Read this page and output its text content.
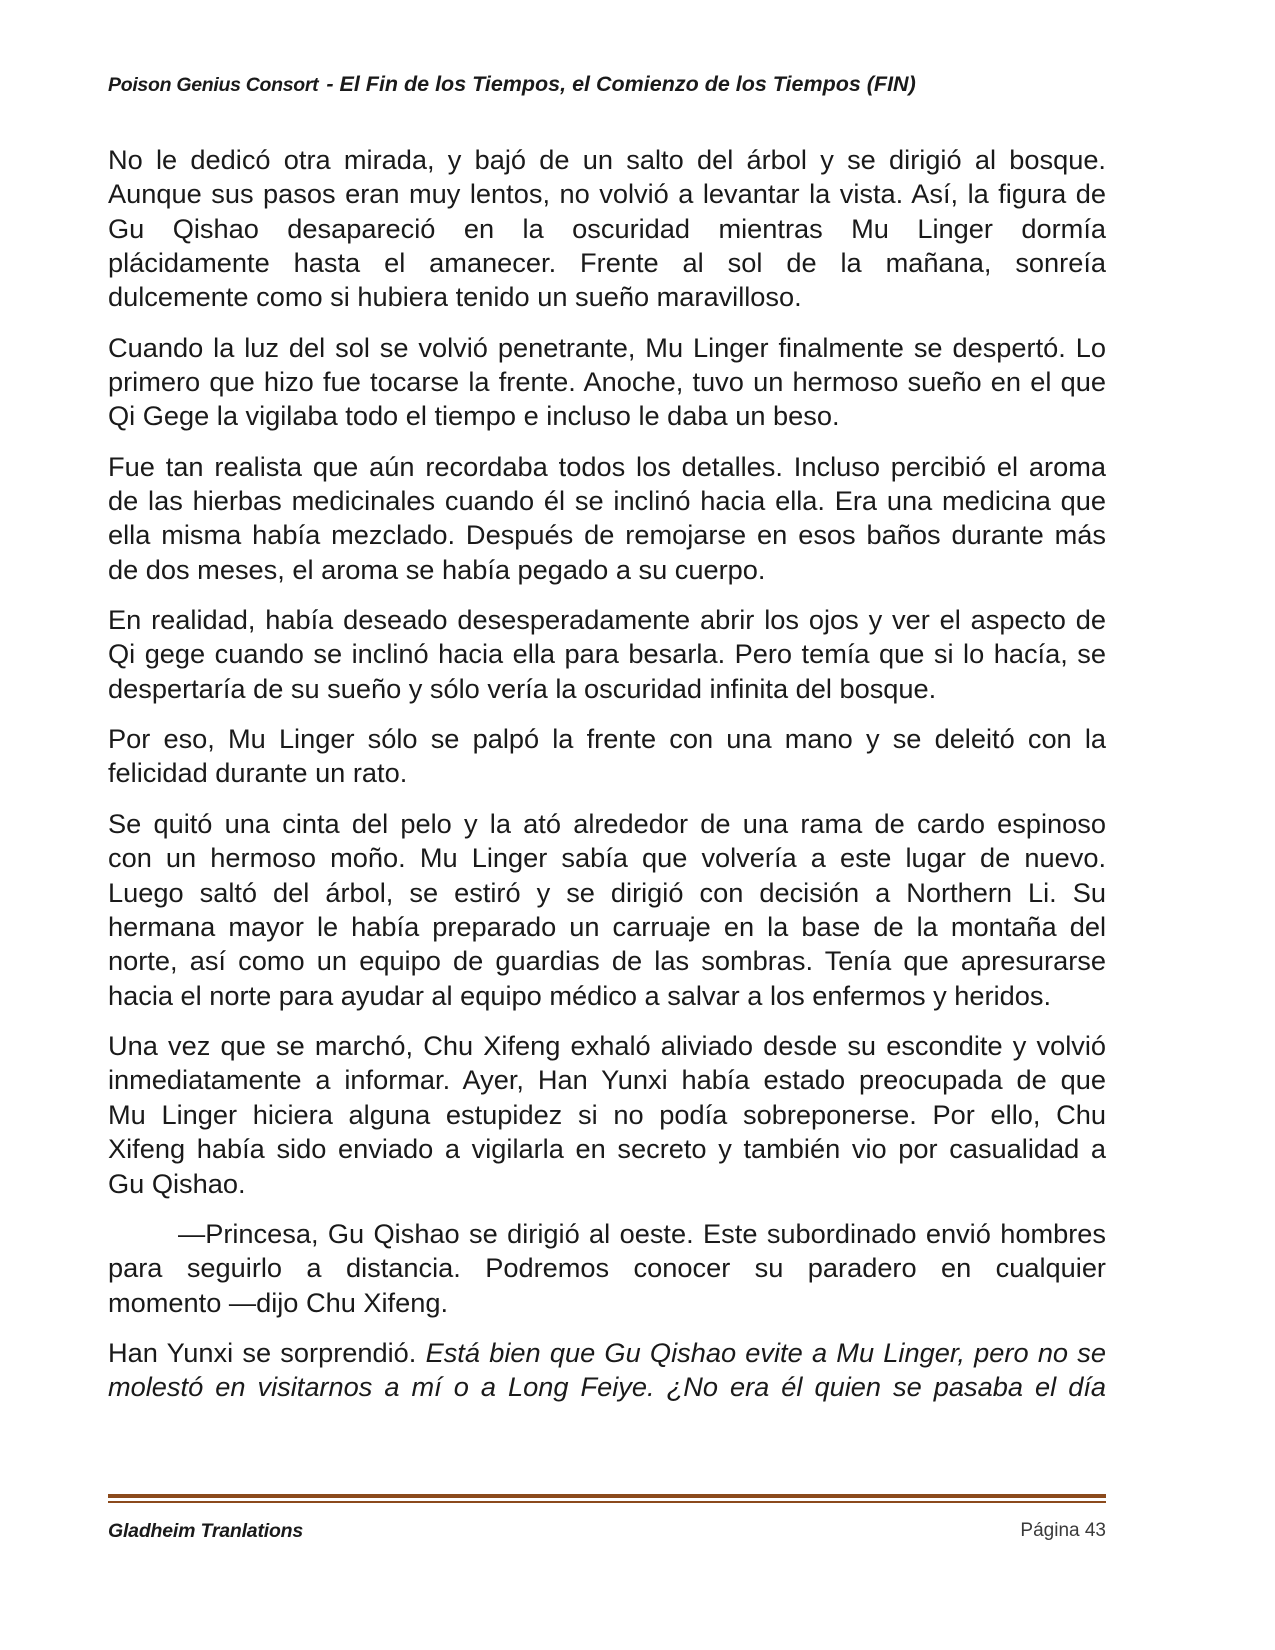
Poison Genius Consort - El Fin de los Tiempos, el Comienzo de los Tiempos (FIN)
No le dedicó otra mirada, y bajó de un salto del árbol y se dirigió al bosque.
Aunque sus pasos eran muy lentos, no volvió a levantar la vista. Así, la figura de
Gu Qishao desapareció en la oscuridad mientras Mu Linger dormía
plácidamente hasta el amanecer. Frente al sol de la mañana, sonreía
dulcemente como si hubiera tenido un sueño maravilloso.
Cuando la luz del sol se volvió penetrante, Mu Linger finalmente se despertó. Lo
primero que hizo fue tocarse la frente. Anoche, tuvo un hermoso sueño en el que
Qi Gege la vigilaba todo el tiempo e incluso le daba un beso.
Fue tan realista que aún recordaba todos los detalles. Incluso percibió el aroma
de las hierbas medicinales cuando él se inclinó hacia ella. Era una medicina que
ella misma había mezclado. Después de remojarse en esos baños durante más
de dos meses, el aroma se había pegado a su cuerpo.
En realidad, había deseado desesperadamente abrir los ojos y ver el aspecto de
Qi gege cuando se inclinó hacia ella para besarla. Pero temía que si lo hacía, se
despertaría de su sueño y sólo vería la oscuridad infinita del bosque.
Por eso, Mu Linger sólo se palpó la frente con una mano y se deleitó con la
felicidad durante un rato.
Se quitó una cinta del pelo y la ató alrededor de una rama de cardo espinoso
con un hermoso moño. Mu Linger sabía que volvería a este lugar de nuevo.
Luego saltó del árbol, se estiró y se dirigió con decisión a Northern Li. Su
hermana mayor le había preparado un carruaje en la base de la montaña del
norte, así como un equipo de guardias de las sombras. Tenía que apresurarse
hacia el norte para ayudar al equipo médico a salvar a los enfermos y heridos.
Una vez que se marchó, Chu Xifeng exhaló aliviado desde su escondite y volvió
inmediatamente a informar. Ayer, Han Yunxi había estado preocupada de que
Mu Linger hiciera alguna estupidez si no podía sobreponerse. Por ello, Chu
Xifeng había sido enviado a vigilarla en secreto y también vio por casualidad a
Gu Qishao.
—Princesa, Gu Qishao se dirigió al oeste. Este subordinado envió hombres
para seguirlo a distancia. Podremos conocer su paradero en cualquier
momento —dijo Chu Xifeng.
Han Yunxi se sorprendió. Está bien que Gu Qishao evite a Mu Linger, pero no se
molestó en visitarnos a mí o a Long Feiye. ¿No era él quien se pasaba el día
Gladheim Tranlations	Página 43
